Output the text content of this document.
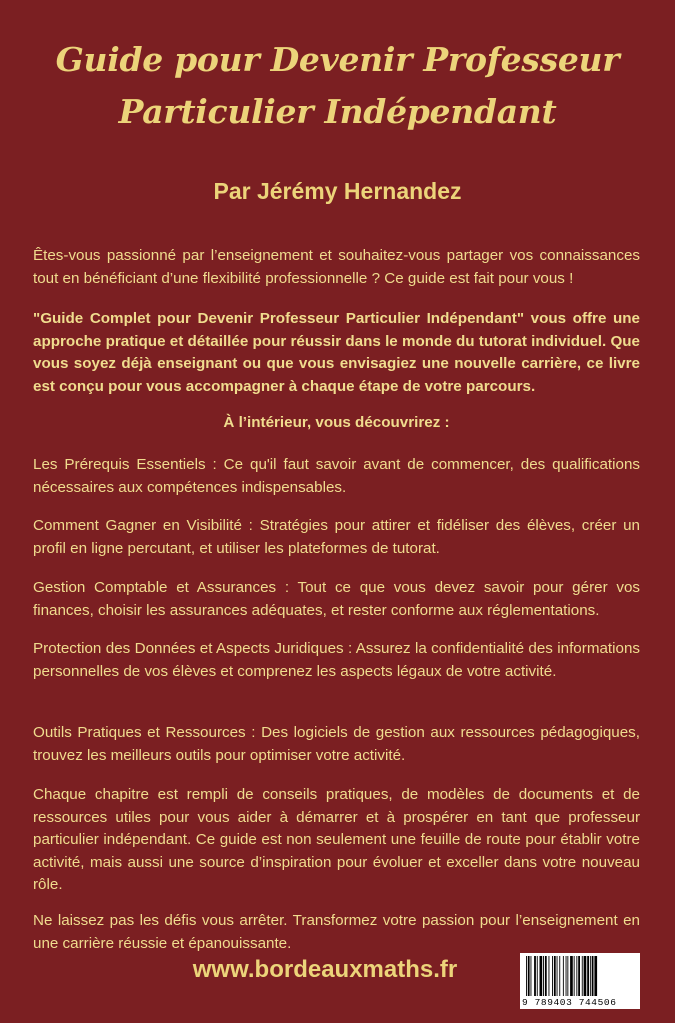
Guide pour Devenir Professeur
Particulier Indépendant
Par Jérémy Hernandez

Êtes-vous passionné par l’enseignement et souhaitez-vous partager vos connaissances tout en bénéficiant d’une flexibilité professionnelle ? Ce guide est fait pour vous !

"Guide Complet pour Devenir Professeur Particulier Indépendant" vous offre une approche pratique et détaillée pour réussir dans le monde du tutorat individuel. Que vous soyez déjà enseignant ou que vous envisagiez une nouvelle carrière, ce livre est conçu pour vous accompagner à chaque étape de votre parcours.

À l’intérieur, vous découvrirez :

Les Prérequis Essentiels : Ce qu'il faut savoir avant de commencer, des qualifications nécessaires aux compétences indispensables.

Comment Gagner en Visibilité : Stratégies pour attirer et fidéliser des élèves, créer un profil en ligne percutant, et utiliser les plateformes de tutorat.

Gestion Comptable et Assurances : Tout ce que vous devez savoir pour gérer vos finances, choisir les assurances adéquates, et rester conforme aux réglementations.

Protection des Données et Aspects Juridiques : Assurez la confidentialité des informations personnelles de vos élèves et comprenez les aspects légaux de votre activité.

Outils Pratiques et Ressources : Des logiciels de gestion aux ressources pédagogiques, trouvez les meilleurs outils pour optimiser votre activité.

Chaque chapitre est rempli de conseils pratiques, de modèles de documents et de ressources utiles pour vous aider à démarrer et à prospérer en tant que professeur particulier indépendant. Ce guide est non seulement une feuille de route pour établir votre activité, mais aussi une source d’inspiration pour évoluer et exceller dans votre nouveau rôle.

Ne laissez pas les défis vous arrêter. Transformez votre passion pour l’enseignement en une carrière réussie et épanouissante.

www.bordeauxmaths.fr
9 789403 744506
